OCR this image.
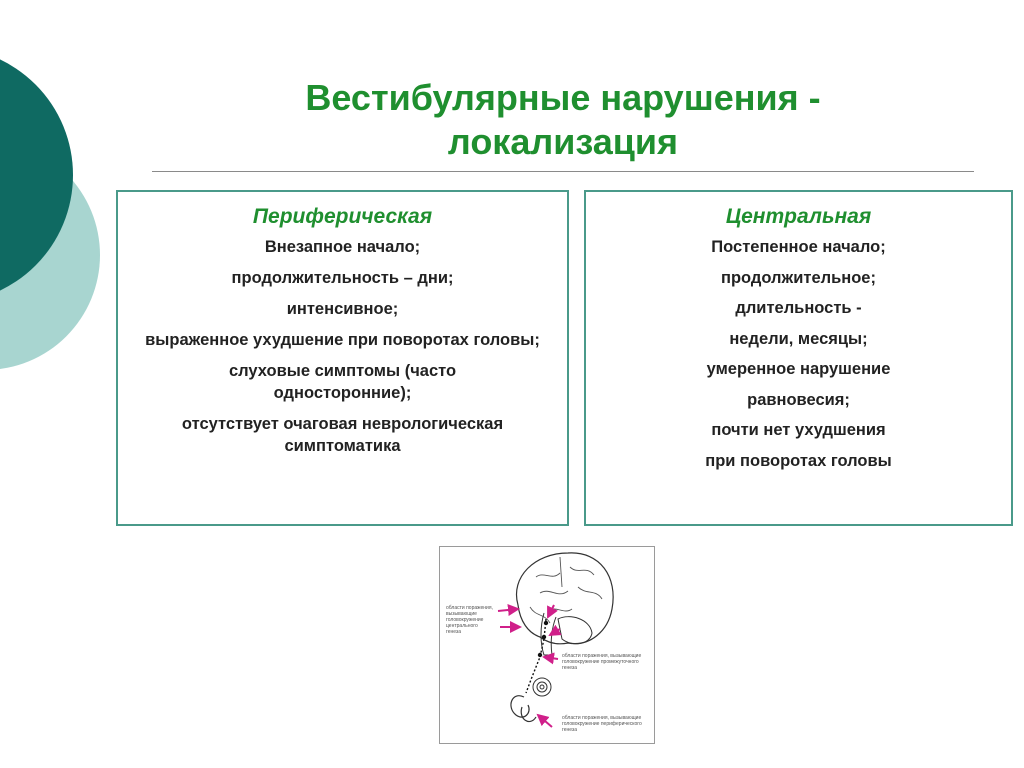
Вестибулярные нарушения -
локализация
Периферическая
Внезапное начало;
продолжительность – дни;
интенсивное;
выраженное ухудшение при поворотах головы;
слуховые симптомы (часто односторонние);
отсутствует очаговая неврологическая симптоматика
Центральная
Постепенное начало;
продолжительное;
длительность -
недели, месяцы;
умеренное нарушение
равновесия;
почти нет ухудшения
при поворотах головы
области поражения, вызывающие головокружение центрального генеза
области поражения, вызывающие головокружение промежуточного генеза
области поражения, вызывающие головокружение периферического генеза
